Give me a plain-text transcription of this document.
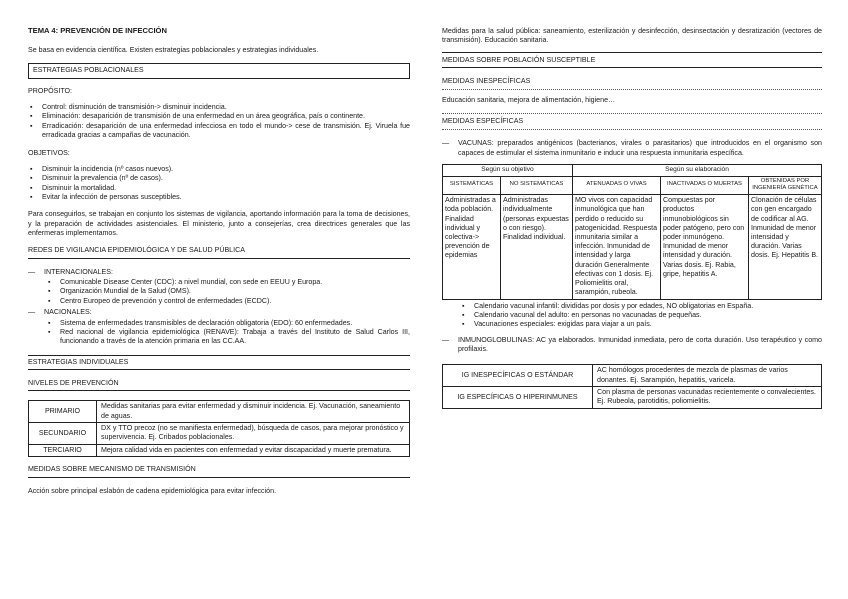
TEMA 4: PREVENCIÓN DE INFECCIÓN

Se basa en evidencia científica. Existen estrategias poblacionales y estrategias individuales.

ESTRATEGIAS POBLACIONALES
PROPÓSITO:
▪ Control: disminución de transmisión-> disminuir incidencia.
▪ Eliminación: desaparición de transmisión de una enfermedad en un área geográfica, país o continente.
▪ Erradicación: desaparición de una enfermedad infecciosa en todo el mundo-> cese de transmisión. Ej. Viruela fue erradicada gracias a campañas de vacunación.
OBJETIVOS:
▪ Disminuir la incidencia (nº casos nuevos).
▪ Disminuir la prevalencia (nº de casos).
▪ Disminuir la mortalidad.
▪ Evitar la infección de personas susceptibles.

Para conseguirlos, se trabajan en conjunto los sistemas de vigilancia, aportando información para la toma de decisiones, y la preparación de actividades asistenciales. El ministerio, junto a consejerías, crea directrices generales que las enfermeras implementamos.

REDES DE VIGILANCIA EPIDEMIOLÓGICA Y DE SALUD PÚBLICA
— INTERNACIONALES:
▪ Comunicable Disease Center (CDC): a nivel mundial, con sede en EEUU y Europa.
▪ Organización Mundial de la Salud (OMS).
▪ Centro Europeo de prevención y control de enfermedades (ECDC).
— NACIONALES:
▪ Sistema de enfermedades transmisibles de declaración obligatoria (EDO): 60 enfermedades.
▪ Red nacional de vigilancia epidemiológica (RENAVE): Trabaja a través del Instituto de Salud Carlos III, funcionando a través de la atención primaria en las CC.AA.
ESTRATEGIAS INDIVIDUALES
NIVELES DE PREVENCIÓN
PRIMARIO	Medidas sanitarias para evitar enfermedad y disminuir incidencia. Ej. Vacunación, saneamiento de aguas.
SECUNDARIO	DX y TTO precoz (no se manifiesta enfermedad), búsqueda de casos, para mejorar pronóstico y supervivencia. Ej. Cribados poblacionales.
TERCIARIO	Mejora calidad vida en pacientes con enfermedad y evitar discapacidad y muerte prematura.
MEDIDAS SOBRE MECANISMO DE TRANSMISIÓN

Acción sobre principal eslabón de cadena epidemiológica para evitar infección.

Medidas para la salud pública: saneamiento, esterilización y desinfección, desinsectación y desratización (vectores de transmisión). Educación sanitaria.

MEDIDAS SOBRE POBLACIÓN SUSCEPTIBLE
MEDIDAS INESPECÍFICAS

Educación sanitaria, mejora de alimentación, higiene…

MEDIDAS ESPECÍFICAS
— VACUNAS: preparados antigénicos (bacterianos, virales o parasitarios) que introducidos en el organismo son capaces de estimular el sistema inmunitario e inducir una respuesta inmunitaria específica.
Según su objetivo		Según su elaboración		
SISTEMÁTICAS	NO SISTEMÁTICAS	ATENUADAS O VIVAS	INACTIVADAS O MUERTAS	OBTENIDAS POR INGENIERÍA GENÉTICA
Administradas a toda población. Finalidad individual y colectiva-> prevención de epidemias	Administradas individualmente (personas expuestas o con riesgo). Finalidad individual.	MO vivos con capacidad inmunológica que han perdido o reducido su patogenicidad. Respuesta inmunitaria similar a infección. Inmunidad de intensidad y larga duración Generalmente efectivas con 1 dosis. Ej. Poliomielitis oral, sarampión, rubeola.	Compuestas por productos inmunobiológicos sin poder patógeno, pero con poder inmunógeno. Inmunidad de menor intensidad y duración. Varias dosis. Ej. Rabia, gripe, hepatitis A.	Clonación de células con gen encargado de codificar al AG. Inmunidad de menor intensidad y duración. Varias dosis. Ej. Hepatitis B.
▪ Calendario vacunal infantil: divididas por dosis y por edades, NO obligatorias en España.
▪ Calendario vacunal del adulto: en personas no vacunadas de pequeñas.
▪ Vacunaciones especiales: exigidas para viajar a un país.
— INMUNOGLOBULINAS: AC ya elaborados. Inmunidad inmediata, pero de corta duración. Uso terapéutico y como profilaxis.
IG INESPECÍFICAS O ESTÁNDAR	AC homólogos procedentes de mezcla de plasmas de varios donantes. Ej. Sarampión, hepatitis, varicela.
IG ESPECÍFICAS O HIPERINMUNES	Con plasma de personas vacunadas recientemente o convalecientes. Ej. Rubeola, parotiditis, poliomielitis.
